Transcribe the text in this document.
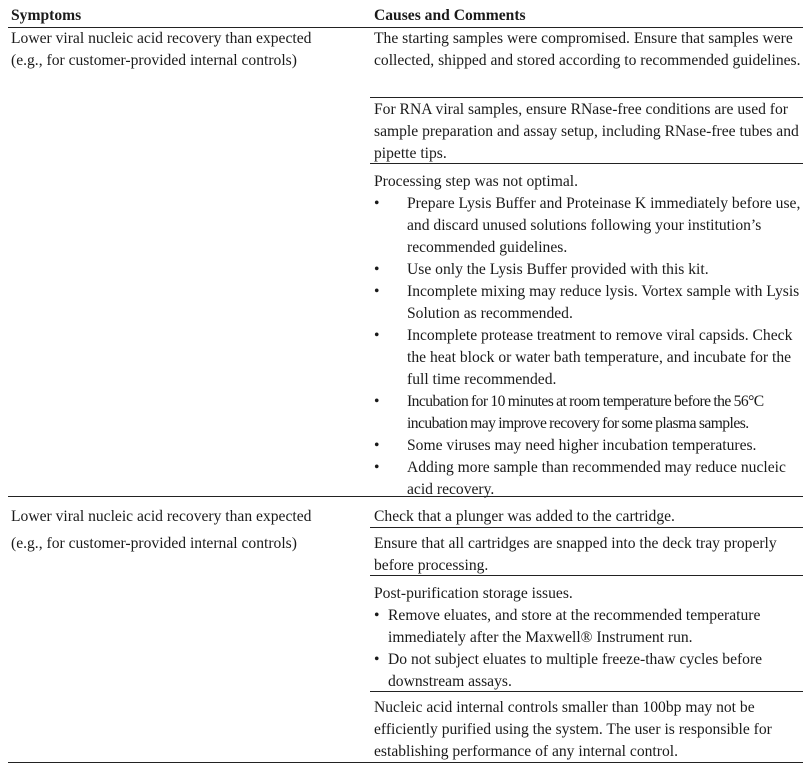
Symptoms	Causes and Comments
Lower viral nucleic acid recovery than expected
(e.g., for customer-provided internal controls)
The starting samples were compromised. Ensure that samples were collected, shipped and stored according to recommended guidelines.
For RNA viral samples, ensure RNase-free conditions are used for sample preparation and assay setup, including RNase-free tubes and pipette tips.
Processing step was not optimal.
• Prepare Lysis Buffer and Proteinase K immediately before use, and discard unused solutions following your institution’s recommended guidelines.
• Use only the Lysis Buffer provided with this kit.
• Incomplete mixing may reduce lysis. Vortex sample with Lysis Solution as recommended.
• Incomplete protease treatment to remove viral capsids. Check the heat block or water bath temperature, and incubate for the full time recommended.
• Incubation for 10 minutes at room temperature before the 56°C incubation may improve recovery for some plasma samples.
• Some viruses may need higher incubation temperatures.
• Adding more sample than recommended may reduce nucleic acid recovery.
Lower viral nucleic acid recovery than expected
(e.g., for customer-provided internal controls)
Check that a plunger was added to the cartridge.
Ensure that all cartridges are snapped into the deck tray properly before processing.
Post-purification storage issues.
• Remove eluates, and store at the recommended temperature immediately after the Maxwell® Instrument run.
• Do not subject eluates to multiple freeze-thaw cycles before downstream assays.
Nucleic acid internal controls smaller than 100bp may not be efficiently purified using the system. The user is responsible for establishing performance of any internal control.
